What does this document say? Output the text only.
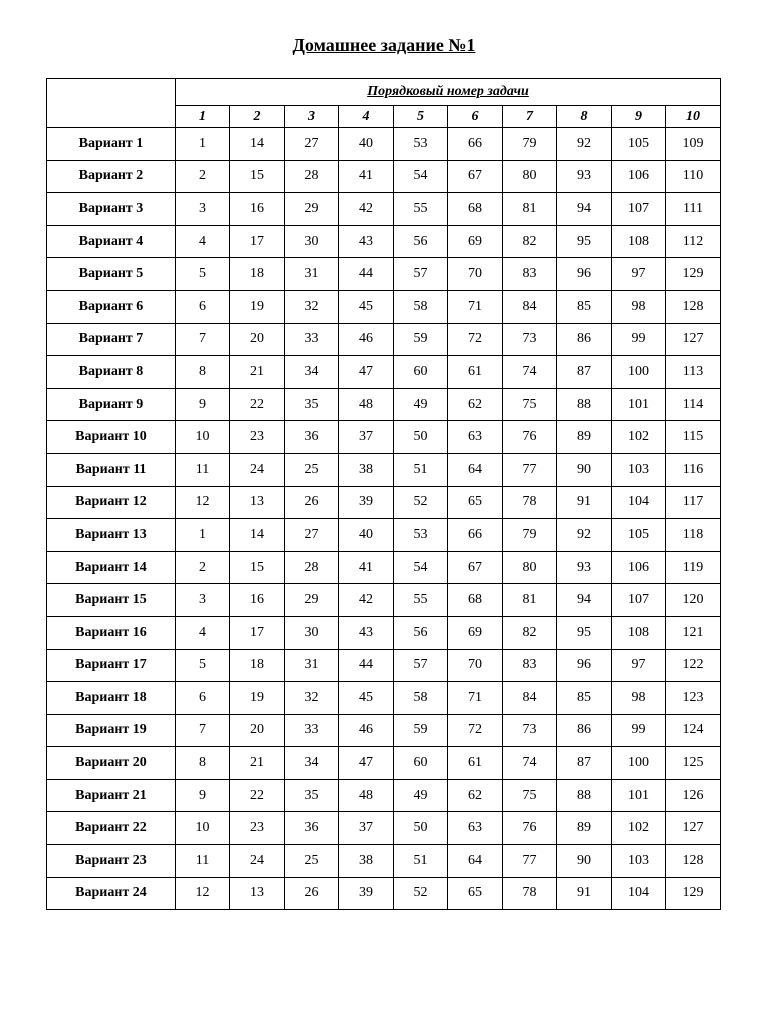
Домашнее задание №1
	Порядковый номер задачи									
	1	2	3	4	5	6	7	8	9	10
Вариант 1	1	14	27	40	53	66	79	92	105	109
Вариант 2	2	15	28	41	54	67	80	93	106	110
Вариант 3	3	16	29	42	55	68	81	94	107	111
Вариант 4	4	17	30	43	56	69	82	95	108	112
Вариант 5	5	18	31	44	57	70	83	96	97	129
Вариант 6	6	19	32	45	58	71	84	85	98	128
Вариант 7	7	20	33	46	59	72	73	86	99	127
Вариант 8	8	21	34	47	60	61	74	87	100	113
Вариант 9	9	22	35	48	49	62	75	88	101	114
Вариант 10	10	23	36	37	50	63	76	89	102	115
Вариант 11	11	24	25	38	51	64	77	90	103	116
Вариант 12	12	13	26	39	52	65	78	91	104	117
Вариант 13	1	14	27	40	53	66	79	92	105	118
Вариант 14	2	15	28	41	54	67	80	93	106	119
Вариант 15	3	16	29	42	55	68	81	94	107	120
Вариант 16	4	17	30	43	56	69	82	95	108	121
Вариант 17	5	18	31	44	57	70	83	96	97	122
Вариант 18	6	19	32	45	58	71	84	85	98	123
Вариант 19	7	20	33	46	59	72	73	86	99	124
Вариант 20	8	21	34	47	60	61	74	87	100	125
Вариант 21	9	22	35	48	49	62	75	88	101	126
Вариант 22	10	23	36	37	50	63	76	89	102	127
Вариант 23	11	24	25	38	51	64	77	90	103	128
Вариант 24	12	13	26	39	52	65	78	91	104	129
